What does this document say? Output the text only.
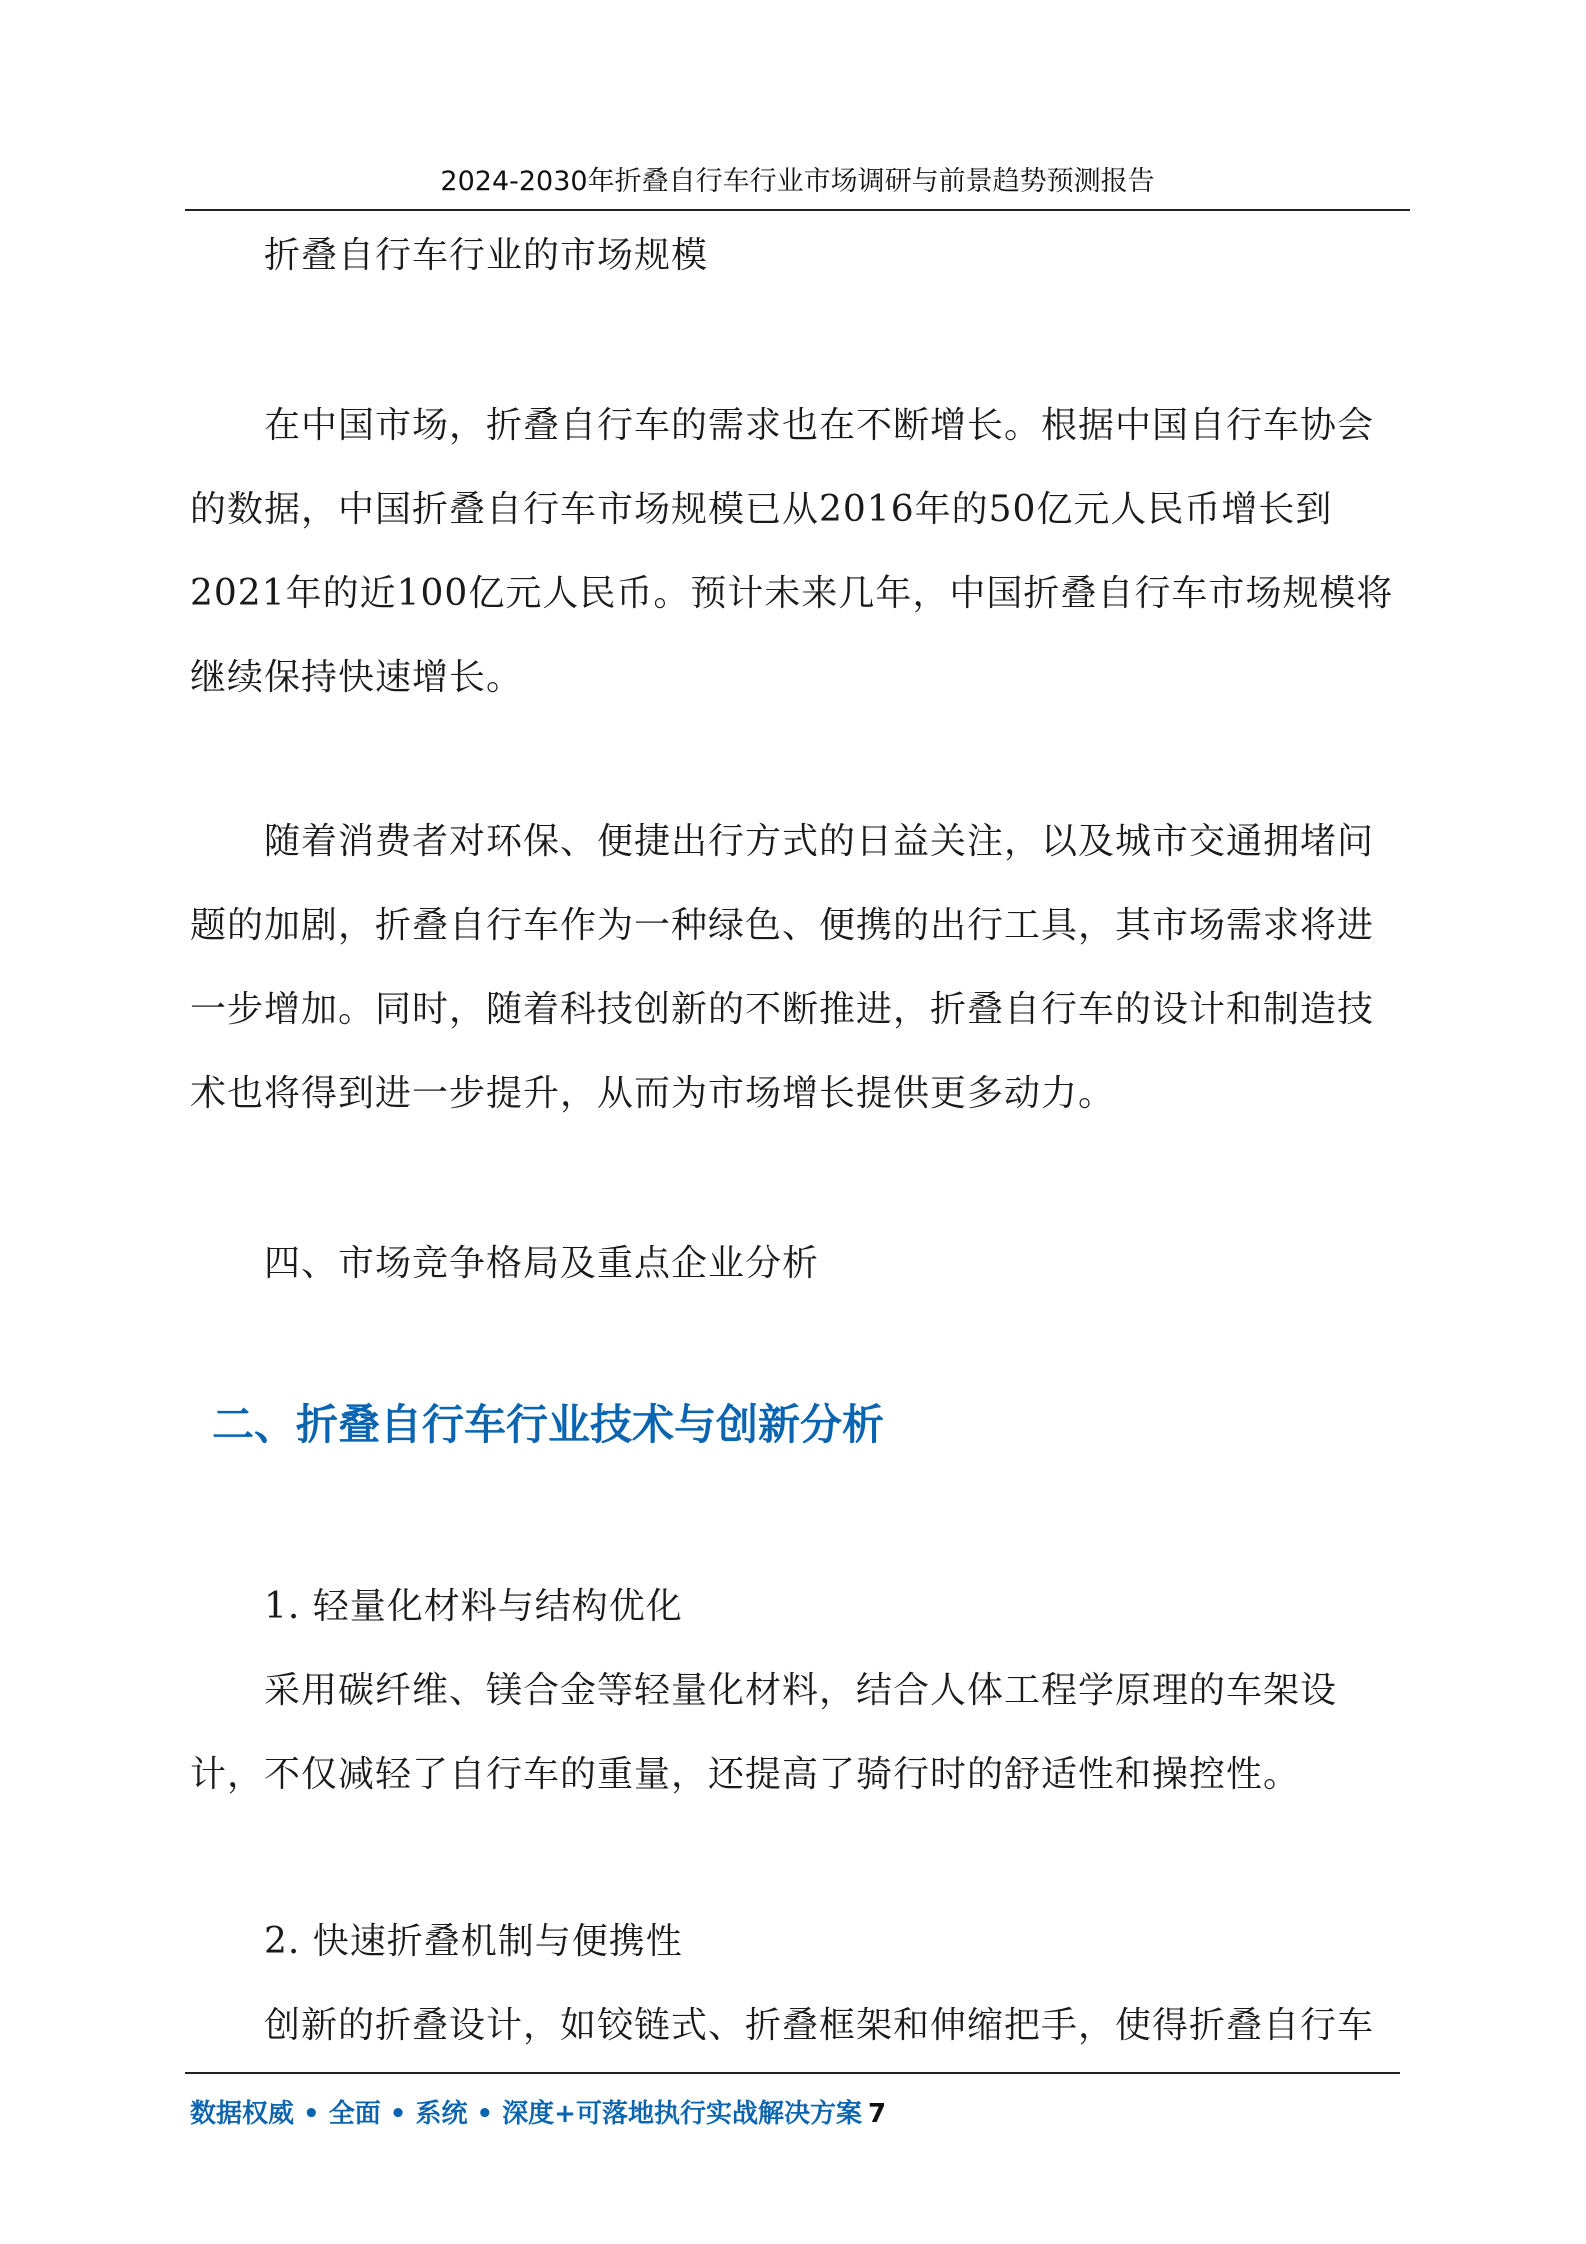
2024-2030年折叠自行车行业市场调研与前景趋势预测报告

折叠自行车行业的市场规模

在中国市场，折叠自行车的需求也在不断增长。根据中国自行车协会的数据，中国折叠自行车市场规模已从2016年的50亿元人民币增长到2021年的近100亿元人民币。预计未来几年，中国折叠自行车市场规模将继续保持快速增长。

随着消费者对环保、便捷出行方式的日益关注，以及城市交通拥堵问题的加剧，折叠自行车作为一种绿色、便携的出行工具，其市场需求将进一步增加。同时，随着科技创新的不断推进，折叠自行车的设计和制造技术也将得到进一步提升，从而为市场增长提供更多动力。

四、市场竞争格局及重点企业分析

二、折叠自行车行业技术与创新分析

1. 轻量化材料与结构优化

采用碳纤维、镁合金等轻量化材料，结合人体工程学原理的车架设计，不仅减轻了自行车的重量，还提高了骑行时的舒适性和操控性。

2. 快速折叠机制与便携性

创新的折叠设计，如铰链式、折叠框架和伸缩把手，使得折叠自行车

数据权威 • 全面 • 系统 • 深度+可落地执行实战解决方案 7
